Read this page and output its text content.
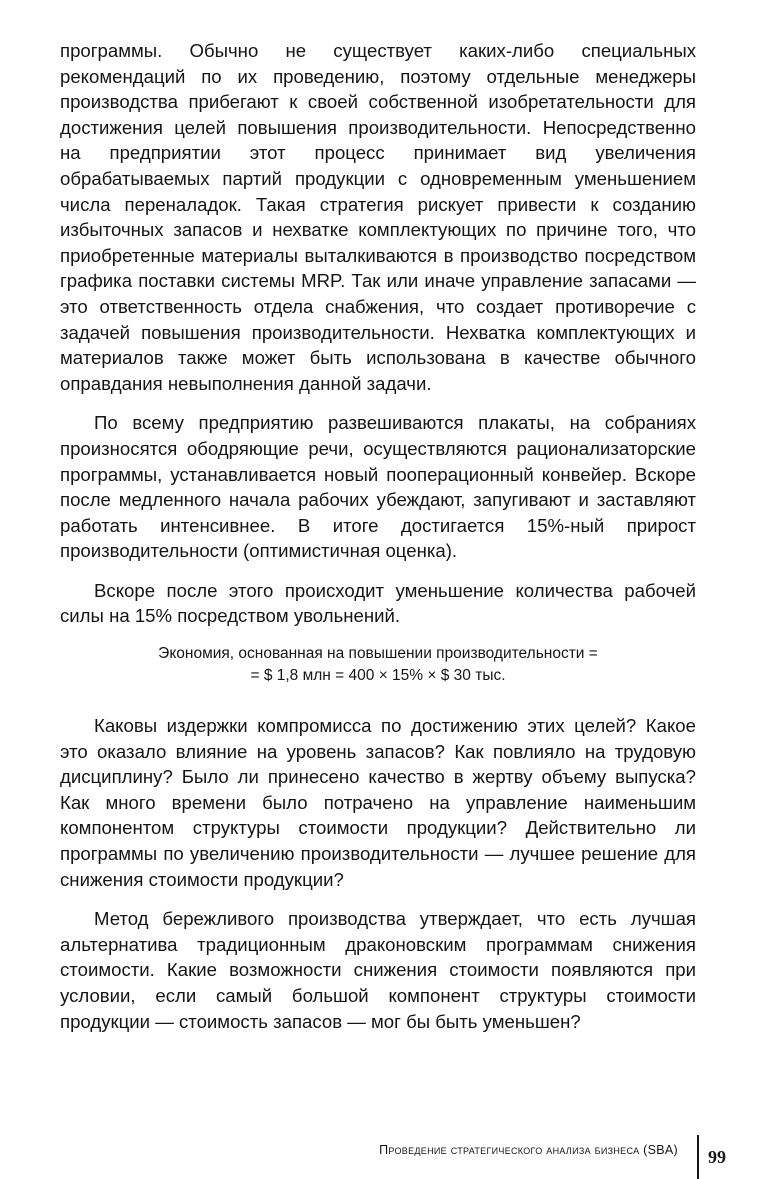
программы. Обычно не существует каких-либо специальных рекомендаций по их проведению, поэтому отдельные менеджеры производства прибегают к своей собственной изобретательности для достижения целей повышения производительности. Непосредственно на предприятии этот процесс принимает вид увеличения обрабатываемых партий продукции с одновременным уменьшением числа переналадок. Такая стратегия рискует привести к созданию избыточных запасов и нехватке комплектующих по причине того, что приобретенные материалы выталкиваются в производство посредством графика поставки системы MRP. Так или иначе управление запасами — это ответственность отдела снабжения, что создает противоречие с задачей повышения производительности. Нехватка комплектующих и материалов также может быть использована в качестве обычного оправдания невыполнения данной задачи.

По всему предприятию развешиваются плакаты, на собраниях произносятся ободряющие речи, осуществляются рационализаторские программы, устанавливается новый пооперационный конвейер. Вскоре после медленного начала рабочих убеждают, запугивают и заставляют работать интенсивнее. В итоге достигается 15%-ный прирост производительности (оптимистичная оценка).

Вскоре после этого происходит уменьшение количества рабочей силы на 15% посредством увольнений.

Экономия, основанная на повышении производительности =
= $ 1,8 млн = 400 × 15% × $ 30 тыс.

Каковы издержки компромисса по достижению этих целей? Какое это оказало влияние на уровень запасов? Как повлияло на трудовую дисциплину? Было ли принесено качество в жертву объему выпуска? Как много времени было потрачено на управление наименьшим компонентом структуры стоимости продукции? Действительно ли программы по увеличению производительности — лучшее решение для снижения стоимости продукции?

Метод бережливого производства утверждает, что есть лучшая альтернатива традиционным драконовским программам снижения стоимости. Какие возможности снижения стоимости появляются при условии, если самый большой компонент структуры стоимости продукции — стоимость запасов — мог бы быть уменьшен?

Проведение стратегического анализа бизнеса (SBA) 99
